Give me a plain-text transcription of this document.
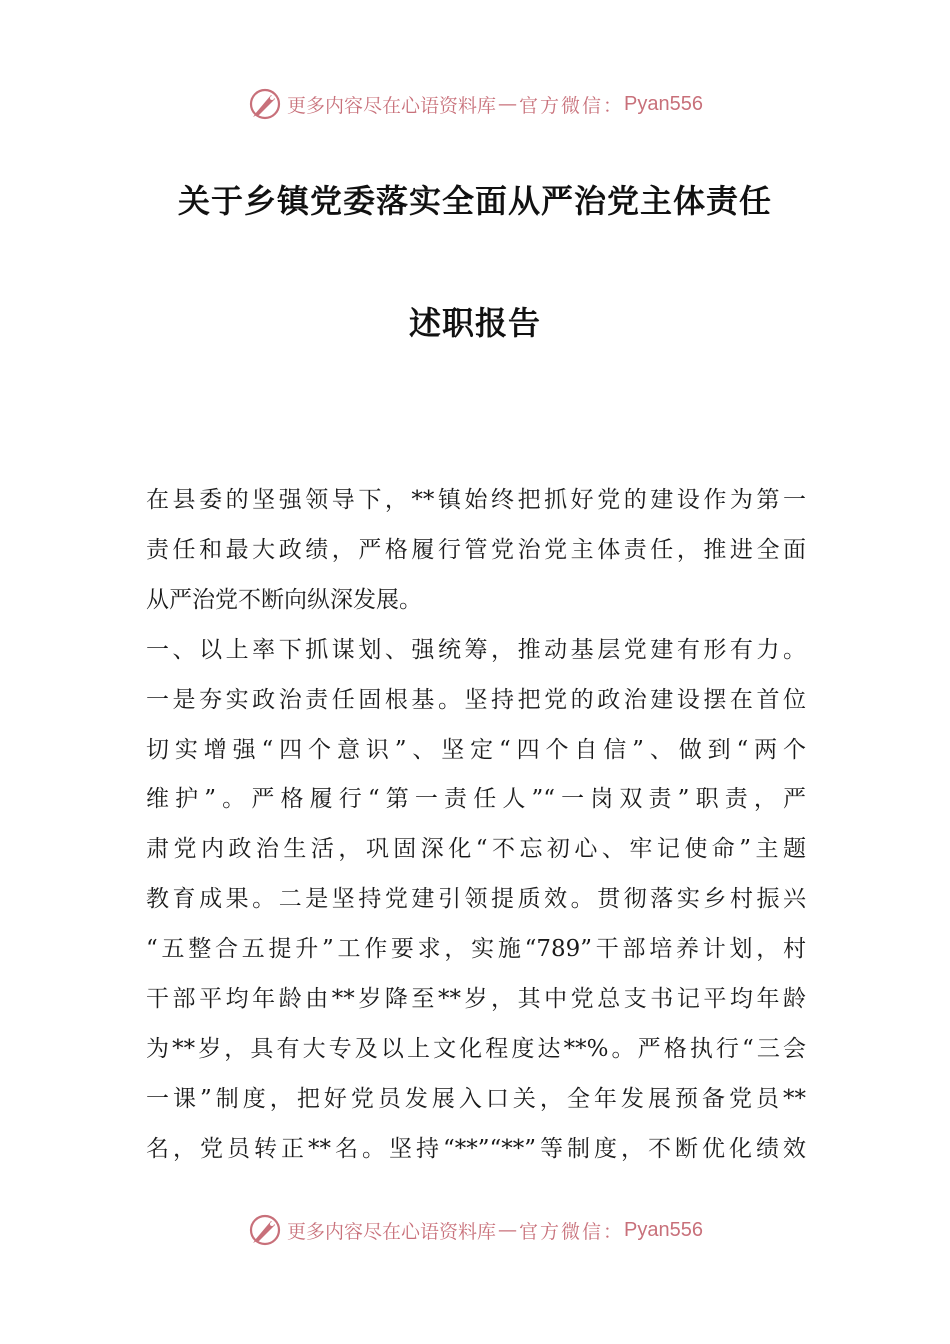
更多内容尽在心语资料库 — 官方微信： Pyan556
关于乡镇党委落实全面从严治党主体责任
述职报告

在县委的坚强领导下，**镇始终把抓好党的建设作为第一

责任和最大政绩，严格履行管党治党主体责任，推进全面

从严治党不断向纵深发展。

一、以上率下抓谋划、强统筹，推动基层党建有形有力。

一是夯实政治责任固根基。坚持把党的政治建设摆在首位

切实增强“四个意识”、坚定“四个自信”、做到“两个

维护”。严格履行“第一责任人”“一岗双责”职责，严

肃党内政治生活，巩固深化“不忘初心、牢记使命”主题

教育成果。二是坚持党建引领提质效。贯彻落实乡村振兴

“五整合五提升”工作要求，实施“789”干部培养计划，村

干部平均年龄由**岁降至**岁，其中党总支书记平均年龄

为**岁，具有大专及以上文化程度达**%。严格执行“三会

一课”制度，把好党员发展入口关，全年发展预备党员**

名，党员转正**名。坚持“**”“**”等制度，不断优化绩效

更多内容尽在心语资料库 — 官方微信： Pyan556
